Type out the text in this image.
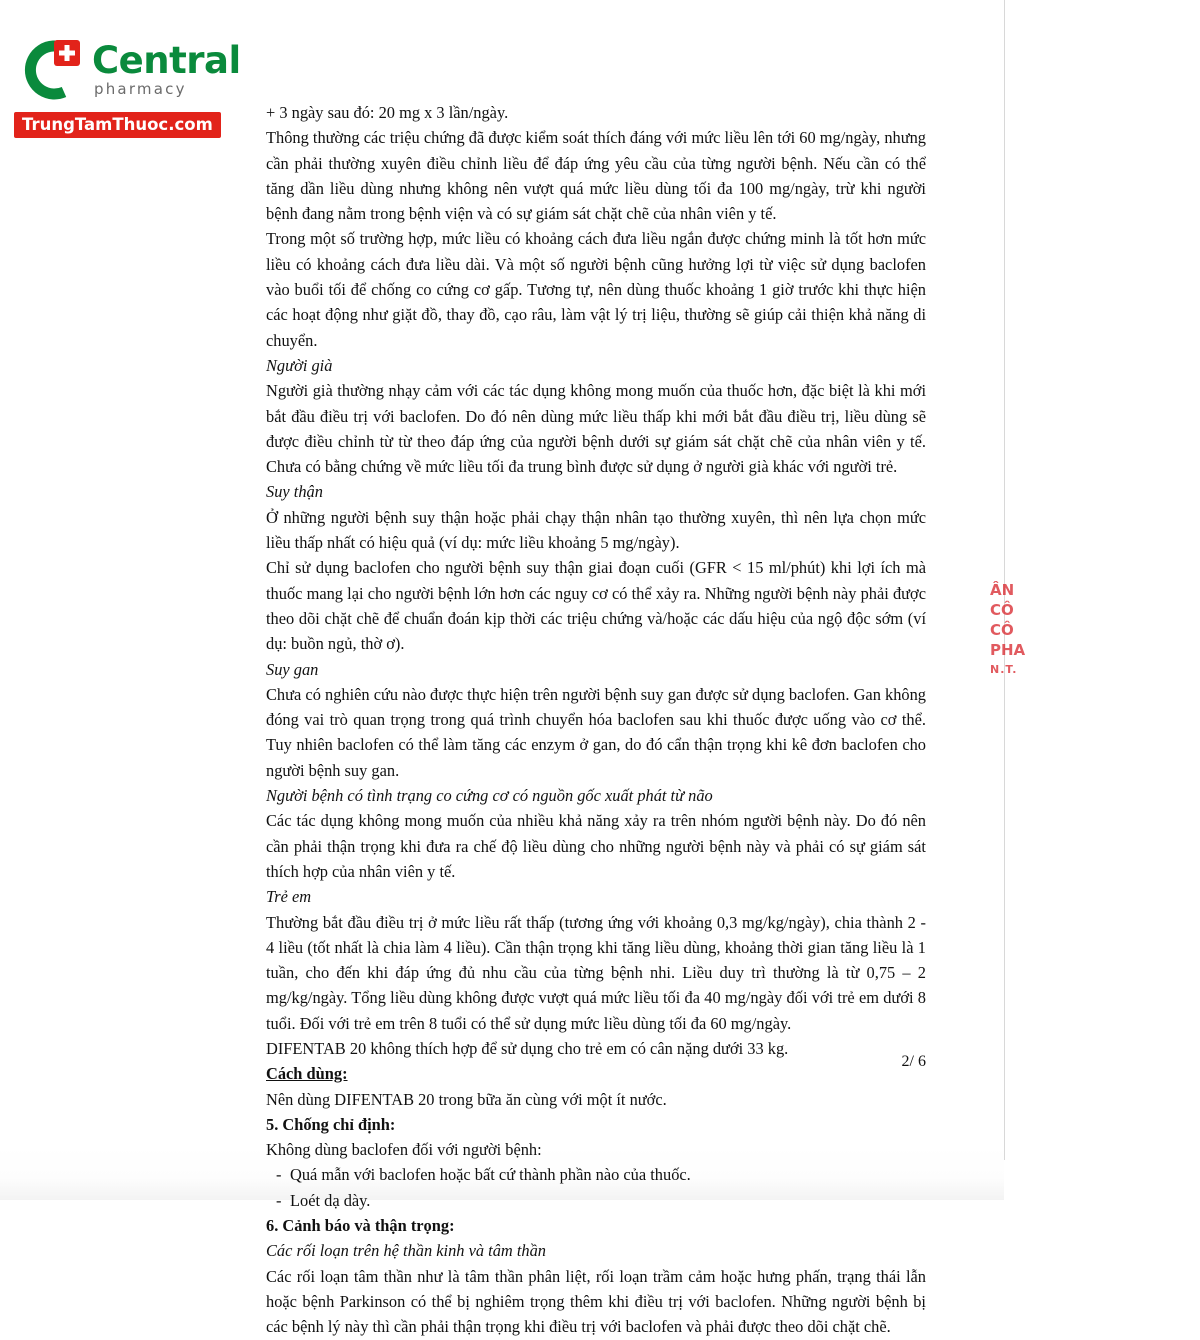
ÂN
CÔ
CÔ
PHA
N.T.
+ 3 ngày sau đó: 20 mg x 3 lần/ngày.
Thông thường các triệu chứng đã được kiểm soát thích đáng với mức liều lên tới 60 mg/ngày, nhưng cần phải thường xuyên điều chỉnh liều để đáp ứng yêu cầu của từng người bệnh. Nếu cần có thể tăng dần liều dùng nhưng không nên vượt quá mức liều dùng tối đa 100 mg/ngày, trừ khi người bệnh đang nằm trong bệnh viện và có sự giám sát chặt chẽ của nhân viên y tế.
Trong một số trường hợp, mức liều có khoảng cách đưa liều ngắn được chứng minh là tốt hơn mức liều có khoảng cách đưa liều dài. Và một số người bệnh cũng hưởng lợi từ việc sử dụng baclofen vào buổi tối để chống co cứng cơ gấp. Tương tự, nên dùng thuốc khoảng 1 giờ trước khi thực hiện các hoạt động như giặt đồ, thay đồ, cạo râu, làm vật lý trị liệu, thường sẽ giúp cải thiện khả năng di chuyển.
Người già
Người già thường nhạy cảm với các tác dụng không mong muốn của thuốc hơn, đặc biệt là khi mới bắt đầu điều trị với baclofen. Do đó nên dùng mức liều thấp khi mới bắt đầu điều trị, liều dùng sẽ được điều chỉnh từ từ theo đáp ứng của người bệnh dưới sự giám sát chặt chẽ của nhân viên y tế. Chưa có bằng chứng về mức liều tối đa trung bình được sử dụng ở người già khác với người trẻ.
Suy thận
Ở những người bệnh suy thận hoặc phải chạy thận nhân tạo thường xuyên, thì nên lựa chọn mức liều thấp nhất có hiệu quả (ví dụ: mức liều khoảng 5 mg/ngày).
Chỉ sử dụng baclofen cho người bệnh suy thận giai đoạn cuối (GFR < 15 ml/phút) khi lợi ích mà thuốc mang lại cho người bệnh lớn hơn các nguy cơ có thể xảy ra. Những người bệnh này phải được theo dõi chặt chẽ để chuẩn đoán kịp thời các triệu chứng và/hoặc các dấu hiệu của ngộ độc sớm (ví dụ: buồn ngủ, thờ ơ).
Suy gan
Chưa có nghiên cứu nào được thực hiện trên người bệnh suy gan được sử dụng baclofen. Gan không đóng vai trò quan trọng trong quá trình chuyển hóa baclofen sau khi thuốc được uống vào cơ thể. Tuy nhiên baclofen có thể làm tăng các enzym ở gan, do đó cẩn thận trọng khi kê đơn baclofen cho người bệnh suy gan.
Người bệnh có tình trạng co cứng cơ có nguồn gốc xuất phát từ não
Các tác dụng không mong muốn của nhiều khả năng xảy ra trên nhóm người bệnh này. Do đó nên cần phải thận trọng khi đưa ra chế độ liều dùng cho những người bệnh này và phải có sự giám sát thích hợp của nhân viên y tế.
Trẻ em
Thường bắt đầu điều trị ở mức liều rất thấp (tương ứng với khoảng 0,3 mg/kg/ngày), chia thành 2 - 4 liều (tốt nhất là chia làm 4 liều). Cần thận trọng khi tăng liều dùng, khoảng thời gian tăng liều là 1 tuần, cho đến khi đáp ứng đủ nhu cầu của từng bệnh nhi. Liều duy trì thường là từ 0,75 – 2 mg/kg/ngày. Tổng liều dùng không được vượt quá mức liều tối đa 40 mg/ngày đối với trẻ em dưới 8 tuổi. Đối với trẻ em trên 8 tuổi có thể sử dụng mức liều dùng tối đa 60 mg/ngày.
DIFENTAB 20 không thích hợp để sử dụng cho trẻ em có cân nặng dưới 33 kg.
Cách dùng:
Nên dùng DIFENTAB 20 trong bữa ăn cùng với một ít nước.
5. Chống chỉ định:
Không dùng baclofen đối với người bệnh:
- Quá mẫn với baclofen hoặc bất cứ thành phần nào của thuốc.
- Loét dạ dày.
6. Cảnh báo và thận trọng:
Các rối loạn trên hệ thần kinh và tâm thần
Các rối loạn tâm thần như là tâm thần phân liệt, rối loạn trầm cảm hoặc hưng phấn, trạng thái lẫn hoặc bệnh Parkinson có thể bị nghiêm trọng thêm khi điều trị với baclofen. Những người bệnh bị các bệnh lý này thì cần phải thận trọng khi điều trị với baclofen và phải được theo dõi chặt chẽ.
2/ 6
Central
pharmacy
TrungTamThuoc.com
